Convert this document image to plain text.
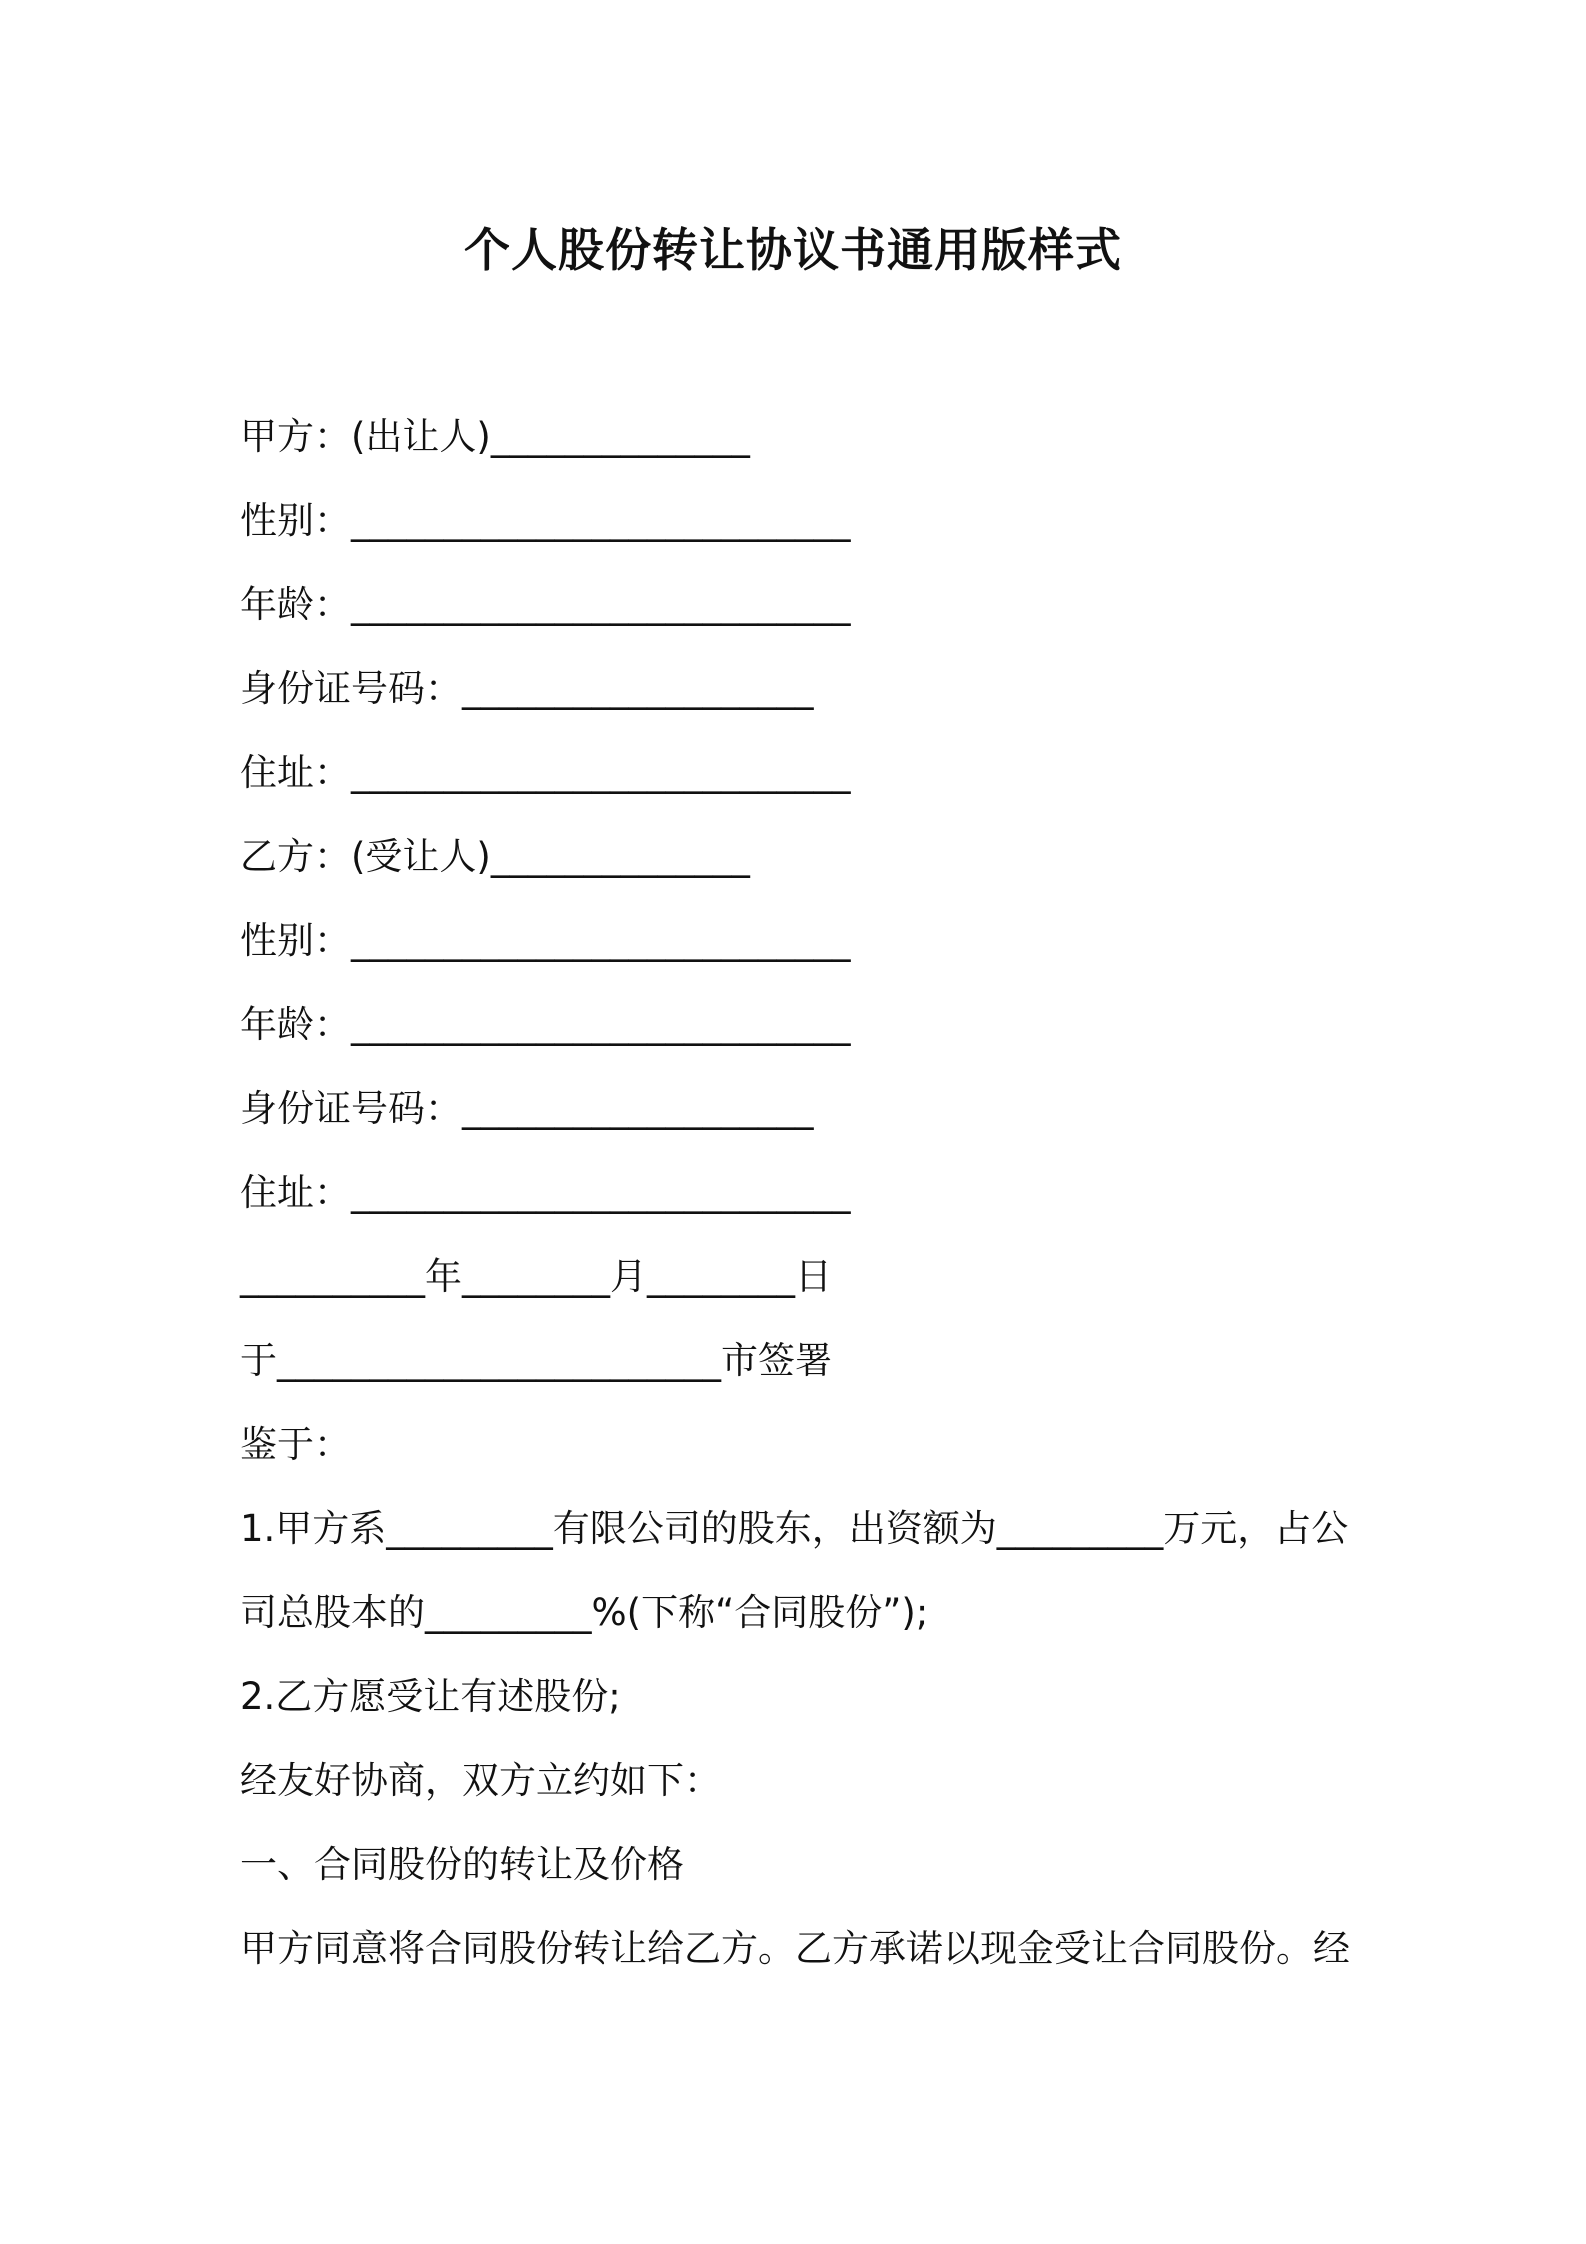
个人股份转让协议书通用版样式
甲方：(出让人)______________
性别：___________________________
年龄：___________________________
身份证号码：___________________
住址：___________________________
乙方：(受让人)______________
性别：___________________________
年龄：___________________________
身份证号码：___________________
住址：___________________________
__________年________月________日
于________________________市签署
鉴于：
1.甲方系_________有限公司的股东，出资额为_________万元，占公
司总股本的_________%(下称“合同股份”);
2.乙方愿受让有述股份;
经友好协商，双方立约如下：
一、合同股份的转让及价格
甲方同意将合同股份转让给乙方。乙方承诺以现金受让合同股份。经
